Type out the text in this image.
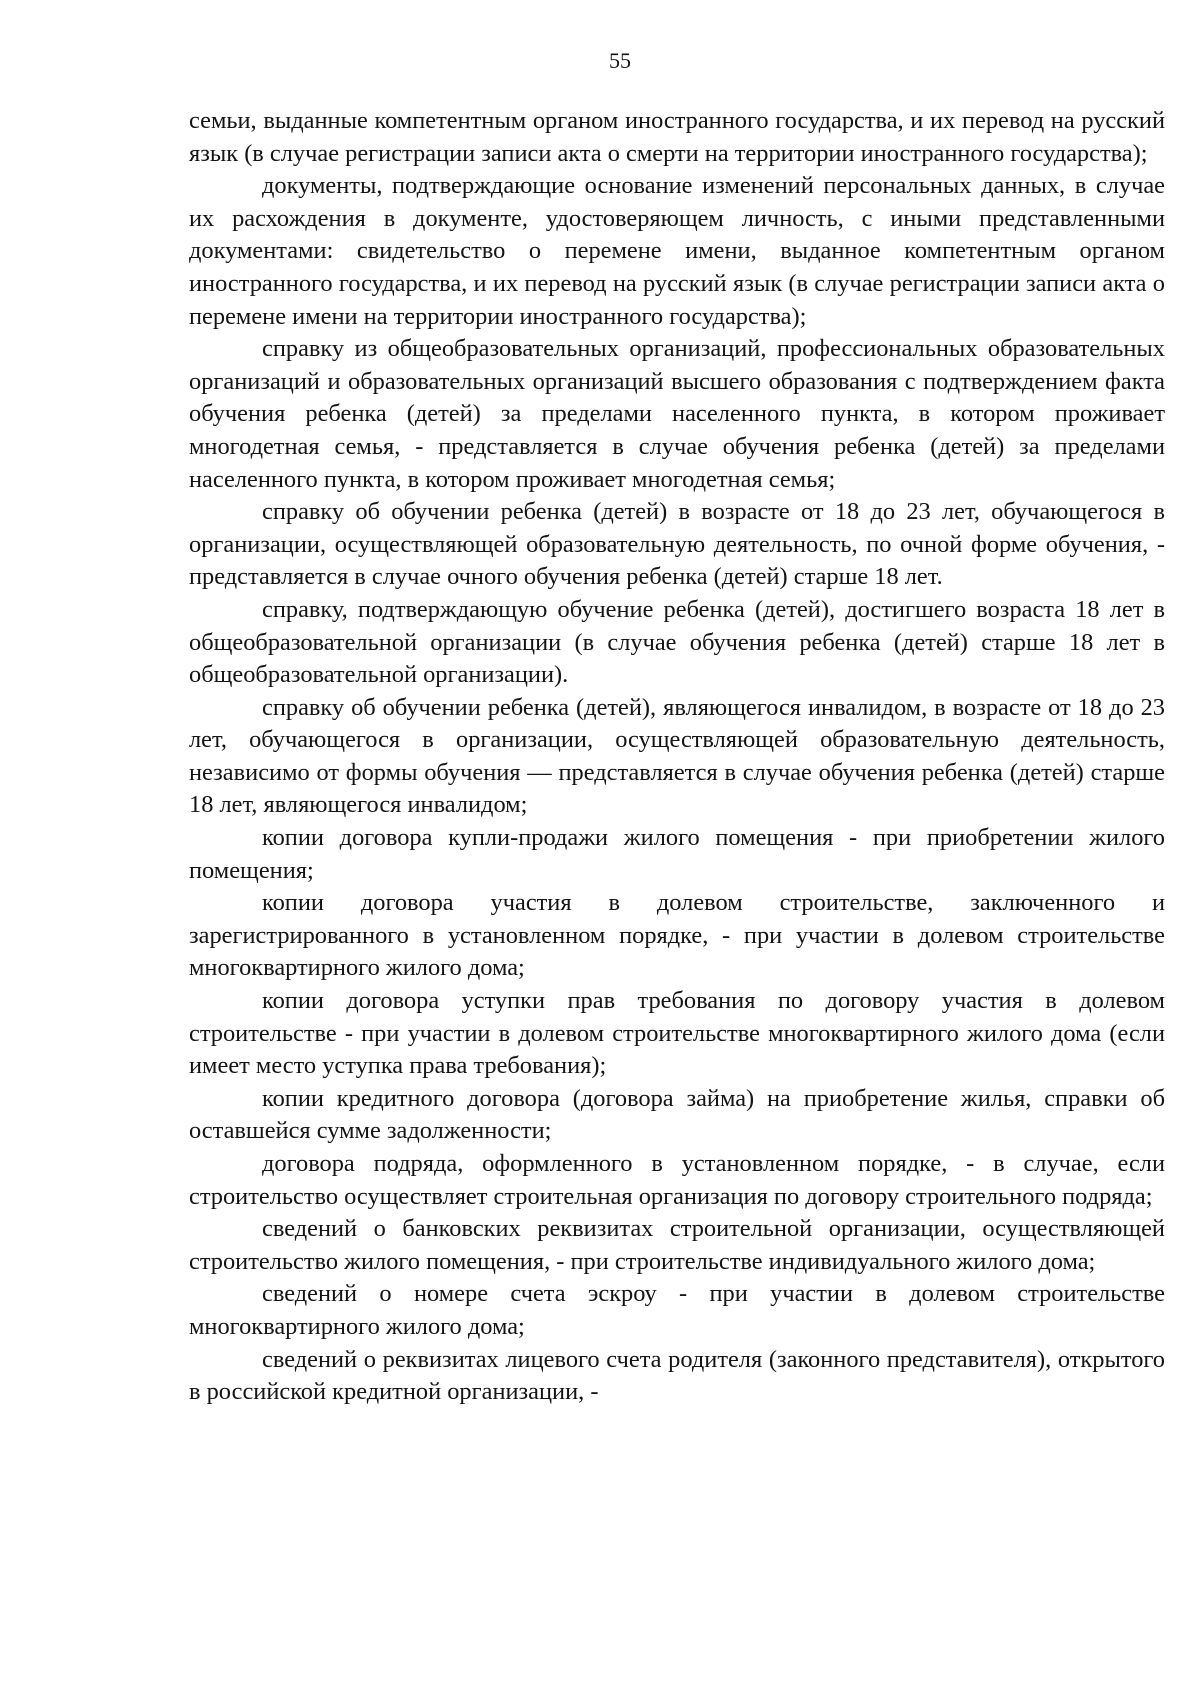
55

семьи, выданные компетентным органом иностранного государства, и их перевод на русский язык (в случае регистрации записи акта о смерти на территории иностранного государства);

документы, подтверждающие основание изменений персональных данных, в случае их расхождения в документе, удостоверяющем личность, с иными представленными документами: свидетельство о перемене имени, выданное компетентным органом иностранного государства, и их перевод на русский язык (в случае регистрации записи акта о перемене имени на территории иностранного государства);

справку из общеобразовательных организаций, профессиональных образовательных организаций и образовательных организаций высшего образования с подтверждением факта обучения ребенка (детей) за пределами населенного пункта, в котором проживает многодетная семья, - представляется в случае обучения ребенка (детей) за пределами населенного пункта, в котором проживает многодетная семья;

справку об обучении ребенка (детей) в возрасте от 18 до 23 лет, обучающегося в организации, осуществляющей образовательную деятельность, по очной форме обучения, - представляется в случае очного обучения ребенка (детей) старше 18 лет.

справку, подтверждающую обучение ребенка (детей), достигшего возраста 18 лет в общеобразовательной организации (в случае обучения ребенка (детей) старше 18 лет в общеобразовательной организации).

справку об обучении ребенка (детей), являющегося инвалидом, в возрасте от 18 до 23 лет, обучающегося в организации, осуществляющей образовательную деятельность, независимо от формы обучения — представляется в случае обучения ребенка (детей) старше 18 лет, являющегося инвалидом;

копии договора купли-продажи жилого помещения - при приобретении жилого помещения;

копии договора участия в долевом строительстве, заключенного и зарегистрированного в установленном порядке, - при участии в долевом строительстве многоквартирного жилого дома;

копии договора уступки прав требования по договору участия в долевом строительстве - при участии в долевом строительстве многоквартирного жилого дома (если имеет место уступка права требования);

копии кредитного договора (договора займа) на приобретение жилья, справки об оставшейся сумме задолженности;

договора подряда, оформленного в установленном порядке, - в случае, если строительство осуществляет строительная организация по договору строительного подряда;

сведений о банковских реквизитах строительной организации, осуществляющей строительство жилого помещения, - при строительстве индивидуального жилого дома;

сведений о номере счета эскроу - при участии в долевом строительстве многоквартирного жилого дома;

сведений о реквизитах лицевого счета родителя (законного представителя), открытого в российской кредитной организации, -
